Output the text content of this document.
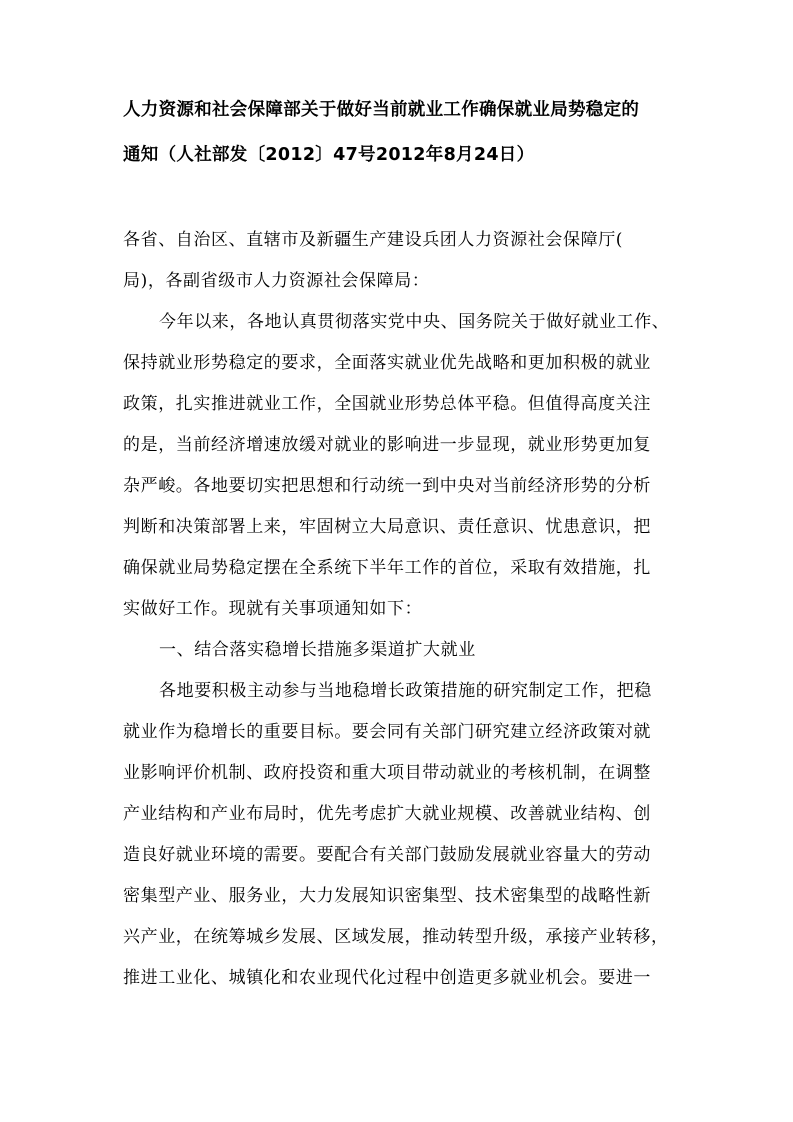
人力资源和社会保障部关于做好当前就业工作确保就业局势稳定的
通知（人社部发〔2012〕47号2012年8月24日）
各省、自治区、直辖市及新疆生产建设兵团人力资源社会保障厅(
局)，各副省级市人力资源社会保障局：
今年以来，各地认真贯彻落实党中央、国务院关于做好就业工作、
保持就业形势稳定的要求，全面落实就业优先战略和更加积极的就业
政策，扎实推进就业工作，全国就业形势总体平稳。但值得高度关注
的是，当前经济增速放缓对就业的影响进一步显现，就业形势更加复
杂严峻。各地要切实把思想和行动统一到中央对当前经济形势的分析
判断和决策部署上来，牢固树立大局意识、责任意识、忧患意识，把
确保就业局势稳定摆在全系统下半年工作的首位，采取有效措施，扎
实做好工作。现就有关事项通知如下：
一、结合落实稳增长措施多渠道扩大就业
各地要积极主动参与当地稳增长政策措施的研究制定工作，把稳
就业作为稳增长的重要目标。要会同有关部门研究建立经济政策对就
业影响评价机制、政府投资和重大项目带动就业的考核机制，在调整
产业结构和产业布局时，优先考虑扩大就业规模、改善就业结构、创
造良好就业环境的需要。要配合有关部门鼓励发展就业容量大的劳动
密集型产业、服务业，大力发展知识密集型、技术密集型的战略性新
兴产业，在统筹城乡发展、区域发展，推动转型升级，承接产业转移，
推进工业化、城镇化和农业现代化过程中创造更多就业机会。要进一
